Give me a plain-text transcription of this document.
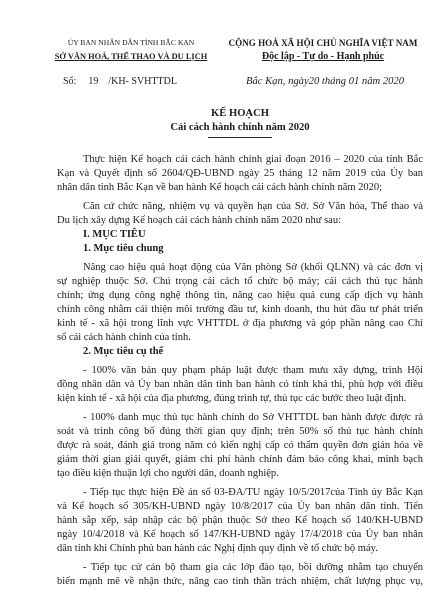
ỦY BAN NHÂN DÂN TỈNH BẮC KẠN
SỞ VĂN HOÁ, THỂ THAO VÀ DU LỊCH
CỘNG HOÀ XÃ HỘI CHỦ NGHĨA VIỆT NAM
Độc lập - Tự do - Hạnh phúc
Số: 19 /KH- SVHTTDL	Bắc Kạn, ngày20 tháng 01 năm 2020
KẾ HOẠCH
Cải cách hành chính năm 2020
Thực hiện Kế hoạch cải cách hành chính giai đoạn 2016 – 2020 của tỉnh Bắc
Kạn và Quyết định số 2604/QĐ-UBND ngày 25 tháng 12 năm 2019 của Ủy ban
nhân dân tỉnh Bắc Kạn về ban hành Kế hoạch cải cách hành chính năm 2020;
Căn cứ chức năng, nhiệm vụ và quyền hạn của Sở. Sở Văn hóa, Thể thao và
Du lịch xây dựng Kế hoạch cải cách hành chính năm 2020 như sau:
I. MỤC TIÊU
1. Mục tiêu chung
Nâng cao hiệu quả hoạt động của Văn phòng Sở (khối QLNN) và các đơn vị
sự nghiệp thuộc Sở. Chú trọng cải cách tổ chức bộ máy; cải cách thủ tục hành
chính; ứng dụng công nghệ thông tin, nâng cao hiệu quả cung cấp dịch vụ hành
chính công nhằm cải thiện môi trường đầu tư, kinh doanh, thu hút đầu tư phát triển
kinh tế - xã hội trong lĩnh vực VHTTDL ở địa phương và góp phần nâng cao Chỉ
số cải cách hành chính của tỉnh.
2. Mục tiêu cụ thể
- 100% văn bản quy phạm pháp luật được tham mưu xây dựng, trình Hội
đồng nhân dân và Ủy ban nhân dân tỉnh ban hành có tính khả thi, phù hợp với điều
kiện kinh tế - xã hội của địa phương, đúng trình tự, thủ tục các bước theo luật định.
- 100% danh mục thủ tục hành chính do Sở VHTTDL ban hành được được rà
soát và trình công bố đúng thời gian quy định; trên 50% số thủ tục hành chính
được rà soát, đánh giá trong năm có kiến nghị cấp có thẩm quyền đơn giản hóa về
giảm thời gian giải quyết, giảm chi phí hành chính đảm bảo công khai, minh bạch
tạo điều kiện thuận lợi cho người dân, doanh nghiệp.
- Tiếp tục thực hiện Đề án số 03-ĐA/TU ngày 10/5/2017của Tỉnh ủy Bắc Kạn
và Kế hoạch số 305/KH-UBND ngày 10/8/2017 của Ủy ban nhân dân tỉnh. Tiến
hành sắp xếp, sáp nhập các bộ phận thuộc Sở theo Kế hoạch số 140/KH-UBND
ngày 10/4/2018 và Kế hoạch số 147/KH-UBND ngày 17/4/2018 của Ủy ban nhân
dân tỉnh khi Chính phủ ban hành các Nghị định quy định về tổ chức bộ máy.
- Tiếp tục cử cán bộ tham gia các lớp đào tạo, bồi dưỡng nhằm tạo chuyển
biến mạnh mẽ về nhận thức, nâng cao tinh thần trách nhiệm, chất lượng phục vụ,
